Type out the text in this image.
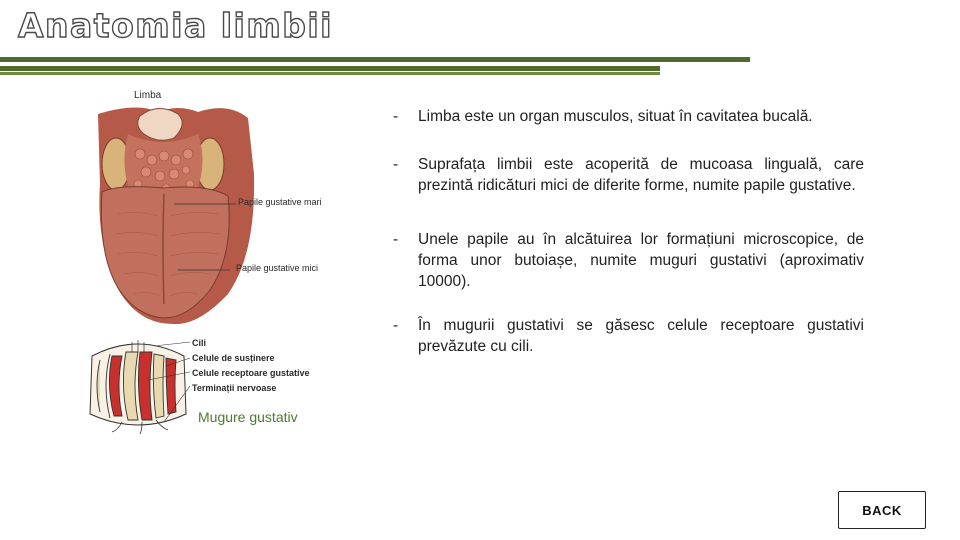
Anatomia limbii
Limba
Papile gustative mari
Papile gustative mici
Cili
Celule de susținere
Celule receptoare gustative
Terminații nervoase
Mugure gustativ
- Limba este un organ musculos, situat în cavitatea bucală.
- Suprafața limbii este acoperită de mucoasa linguală, care prezintă ridicături mici de diferite forme, numite papile gustative.
- Unele papile au în alcătuirea lor formațiuni microscopice, de forma unor butoiașe, numite muguri gustativi (aproximativ 10000).
- În mugurii gustativi se găsesc celule receptoare gustativi prevăzute cu cili.
BACK
